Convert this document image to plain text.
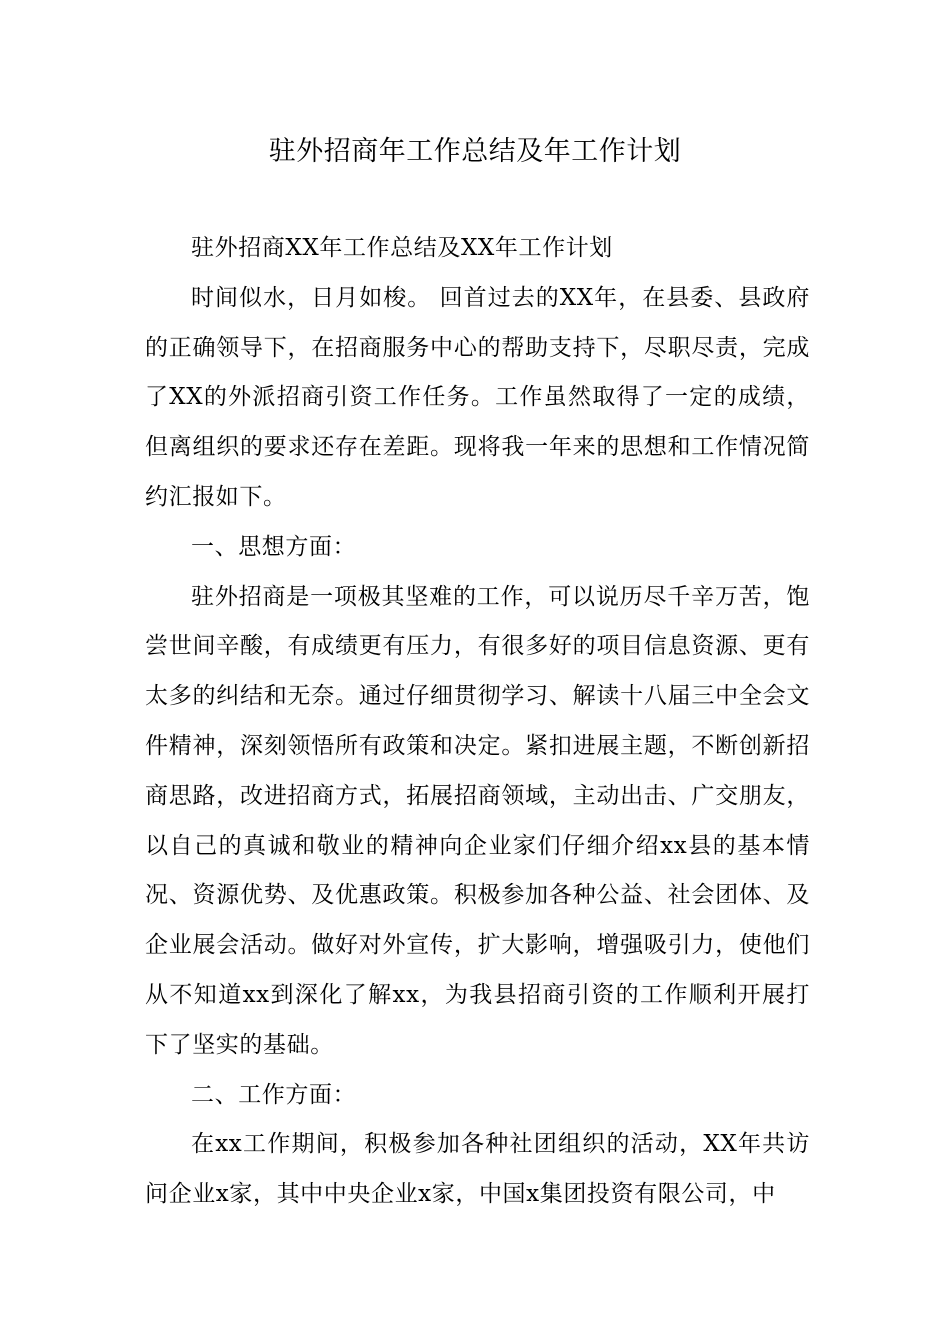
驻外招商年工作总结及年工作计划

驻外招商XX年工作总结及XX年工作计划

时间似水，日月如梭。 回首过去的XX年，在县委、县政府的正确领导下，在招商服务中心的帮助支持下，尽职尽责，完成了XX的外派招商引资工作任务。工作虽然取得了一定的成绩，但离组织的要求还存在差距。现将我一年来的思想和工作情况简约汇报如下。

一、思想方面：

驻外招商是一项极其坚难的工作，可以说历尽千辛万苦，饱尝世间辛酸，有成绩更有压力，有很多好的项目信息资源、更有太多的纠结和无奈。通过仔细贯彻学习、解读十八届三中全会文件精神，深刻领悟所有政策和决定。紧扣进展主题，不断创新招商思路，改进招商方式，拓展招商领域，主动出击、广交朋友，以自己的真诚和敬业的精神向企业家们仔细介绍xx县的基本情况、资源优势、及优惠政策。积极参加各种公益、社会团体、及企业展会活动。做好对外宣传，扩大影响，增强吸引力，使他们从不知道xx到深化了解xx，为我县招商引资的工作顺利开展打下了坚实的基础。

二、工作方面：

在xx工作期间，积极参加各种社团组织的活动，XX年共访问企业x家，其中中央企业x家，中国x集团投资有限公司，中
